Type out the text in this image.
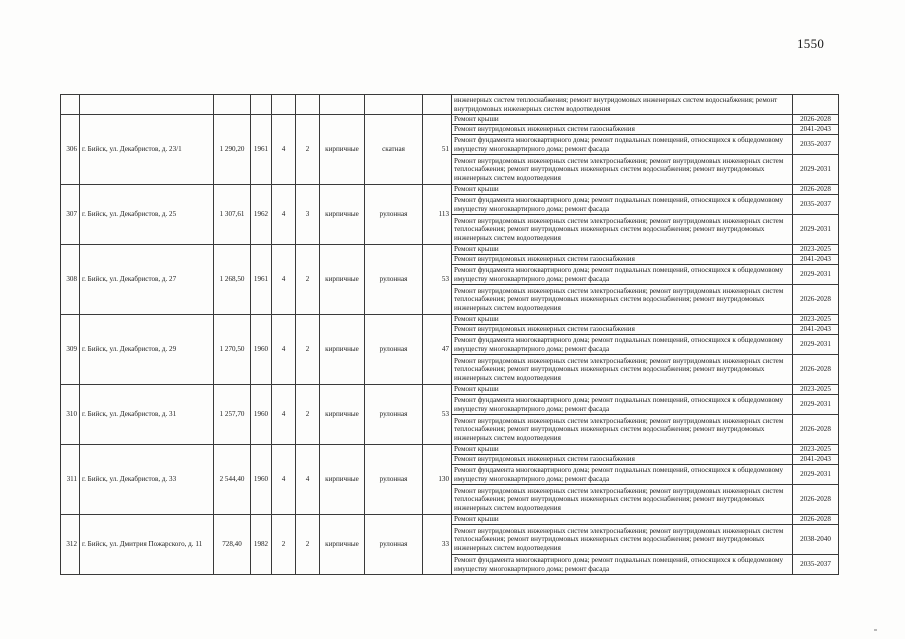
1550
									инженерных систем теплоснабжения; ремонт внутридомовых инженерных систем водоснабжения; ремонт внутридомовых инженерных систем водоотведения	
306	г. Бийск, ул. Декабристов, д. 23/1	1 290,20	1961	4	2	кирпичные	скатная	51	Ремонт крыши	2026-2028
									Ремонт внутридомовых инженерных систем газоснабжения	2041-2043
									Ремонт фундамента многоквартирного дома; ремонт подвальных помещений, относящихся к общедомовому имуществу многоквартирного дома; ремонт фасада	2035-2037
									Ремонт внутридомовых инженерных систем электроснабжения; ремонт внутридомовых инженерных систем теплоснабжения; ремонт внутридомовых инженерных систем водоснабжения; ремонт внутридомовых инженерных систем водоотведения	2029-2031
307	г. Бийск, ул. Декабристов, д. 25	1 307,61	1962	4	3	кирпичные	рулонная	113	Ремонт крыши	2026-2028
									Ремонт фундамента многоквартирного дома; ремонт подвальных помещений, относящихся к общедомовому имуществу многоквартирного дома; ремонт фасада	2035-2037
									Ремонт внутридомовых инженерных систем электроснабжения; ремонт внутридомовых инженерных систем теплоснабжения; ремонт внутридомовых инженерных систем водоснабжения; ремонт внутридомовых инженерных систем водоотведения	2029-2031
308	г. Бийск, ул. Декабристов, д. 27	1 268,50	1961	4	2	кирпичные	рулонная	53	Ремонт крыши	2023-2025
									Ремонт внутридомовых инженерных систем газоснабжения	2041-2043
									Ремонт фундамента многоквартирного дома; ремонт подвальных помещений, относящихся к общедомовому имуществу многоквартирного дома; ремонт фасада	2029-2031
									Ремонт внутридомовых инженерных систем электроснабжения; ремонт внутридомовых инженерных систем теплоснабжения; ремонт внутридомовых инженерных систем водоснабжения; ремонт внутридомовых инженерных систем водоотведения	2026-2028
309	г. Бийск, ул. Декабристов, д. 29	1 270,50	1960	4	2	кирпичные	рулонная	47	Ремонт крыши	2023-2025
									Ремонт внутридомовых инженерных систем газоснабжения	2041-2043
									Ремонт фундамента многоквартирного дома; ремонт подвальных помещений, относящихся к общедомовому имуществу многоквартирного дома; ремонт фасада	2029-2031
									Ремонт внутридомовых инженерных систем электроснабжения; ремонт внутридомовых инженерных систем теплоснабжения; ремонт внутридомовых инженерных систем водоснабжения; ремонт внутридомовых инженерных систем водоотведения	2026-2028
310	г. Бийск, ул. Декабристов, д. 31	1 257,70	1960	4	2	кирпичные	рулонная	53	Ремонт крыши	2023-2025
									Ремонт фундамента многоквартирного дома; ремонт подвальных помещений, относящихся к общедомовому имуществу многоквартирного дома; ремонт фасада	2029-2031
									Ремонт внутридомовых инженерных систем электроснабжения; ремонт внутридомовых инженерных систем теплоснабжения; ремонт внутридомовых инженерных систем водоснабжения; ремонт внутридомовых инженерных систем водоотведения	2026-2028
311	г. Бийск, ул. Декабристов, д. 33	2 544,40	1960	4	4	кирпичные	рулонная	130	Ремонт крыши	2023-2025
									Ремонт внутридомовых инженерных систем газоснабжения	2041-2043
									Ремонт фундамента многоквартирного дома; ремонт подвальных помещений, относящихся к общедомовому имуществу многоквартирного дома; ремонт фасада	2029-2031
									Ремонт внутридомовых инженерных систем электроснабжения; ремонт внутридомовых инженерных систем теплоснабжения; ремонт внутридомовых инженерных систем водоснабжения; ремонт внутридомовых инженерных систем водоотведения	2026-2028
312	г. Бийск, ул. Дмитрия Пожарского, д. 11	728,40	1982	2	2	кирпичные	рулонная	33	Ремонт крыши	2026-2028
									Ремонт внутридомовых инженерных систем электроснабжения; ремонт внутридомовых инженерных систем теплоснабжения; ремонт внутридомовых инженерных систем водоснабжения; ремонт внутридомовых инженерных систем водоотведения	2038-2040
									Ремонт фундамента многоквартирного дома; ремонт подвальных помещений, относящихся к общедомовому имуществу многоквартирного дома; ремонт фасада	2035-2037
